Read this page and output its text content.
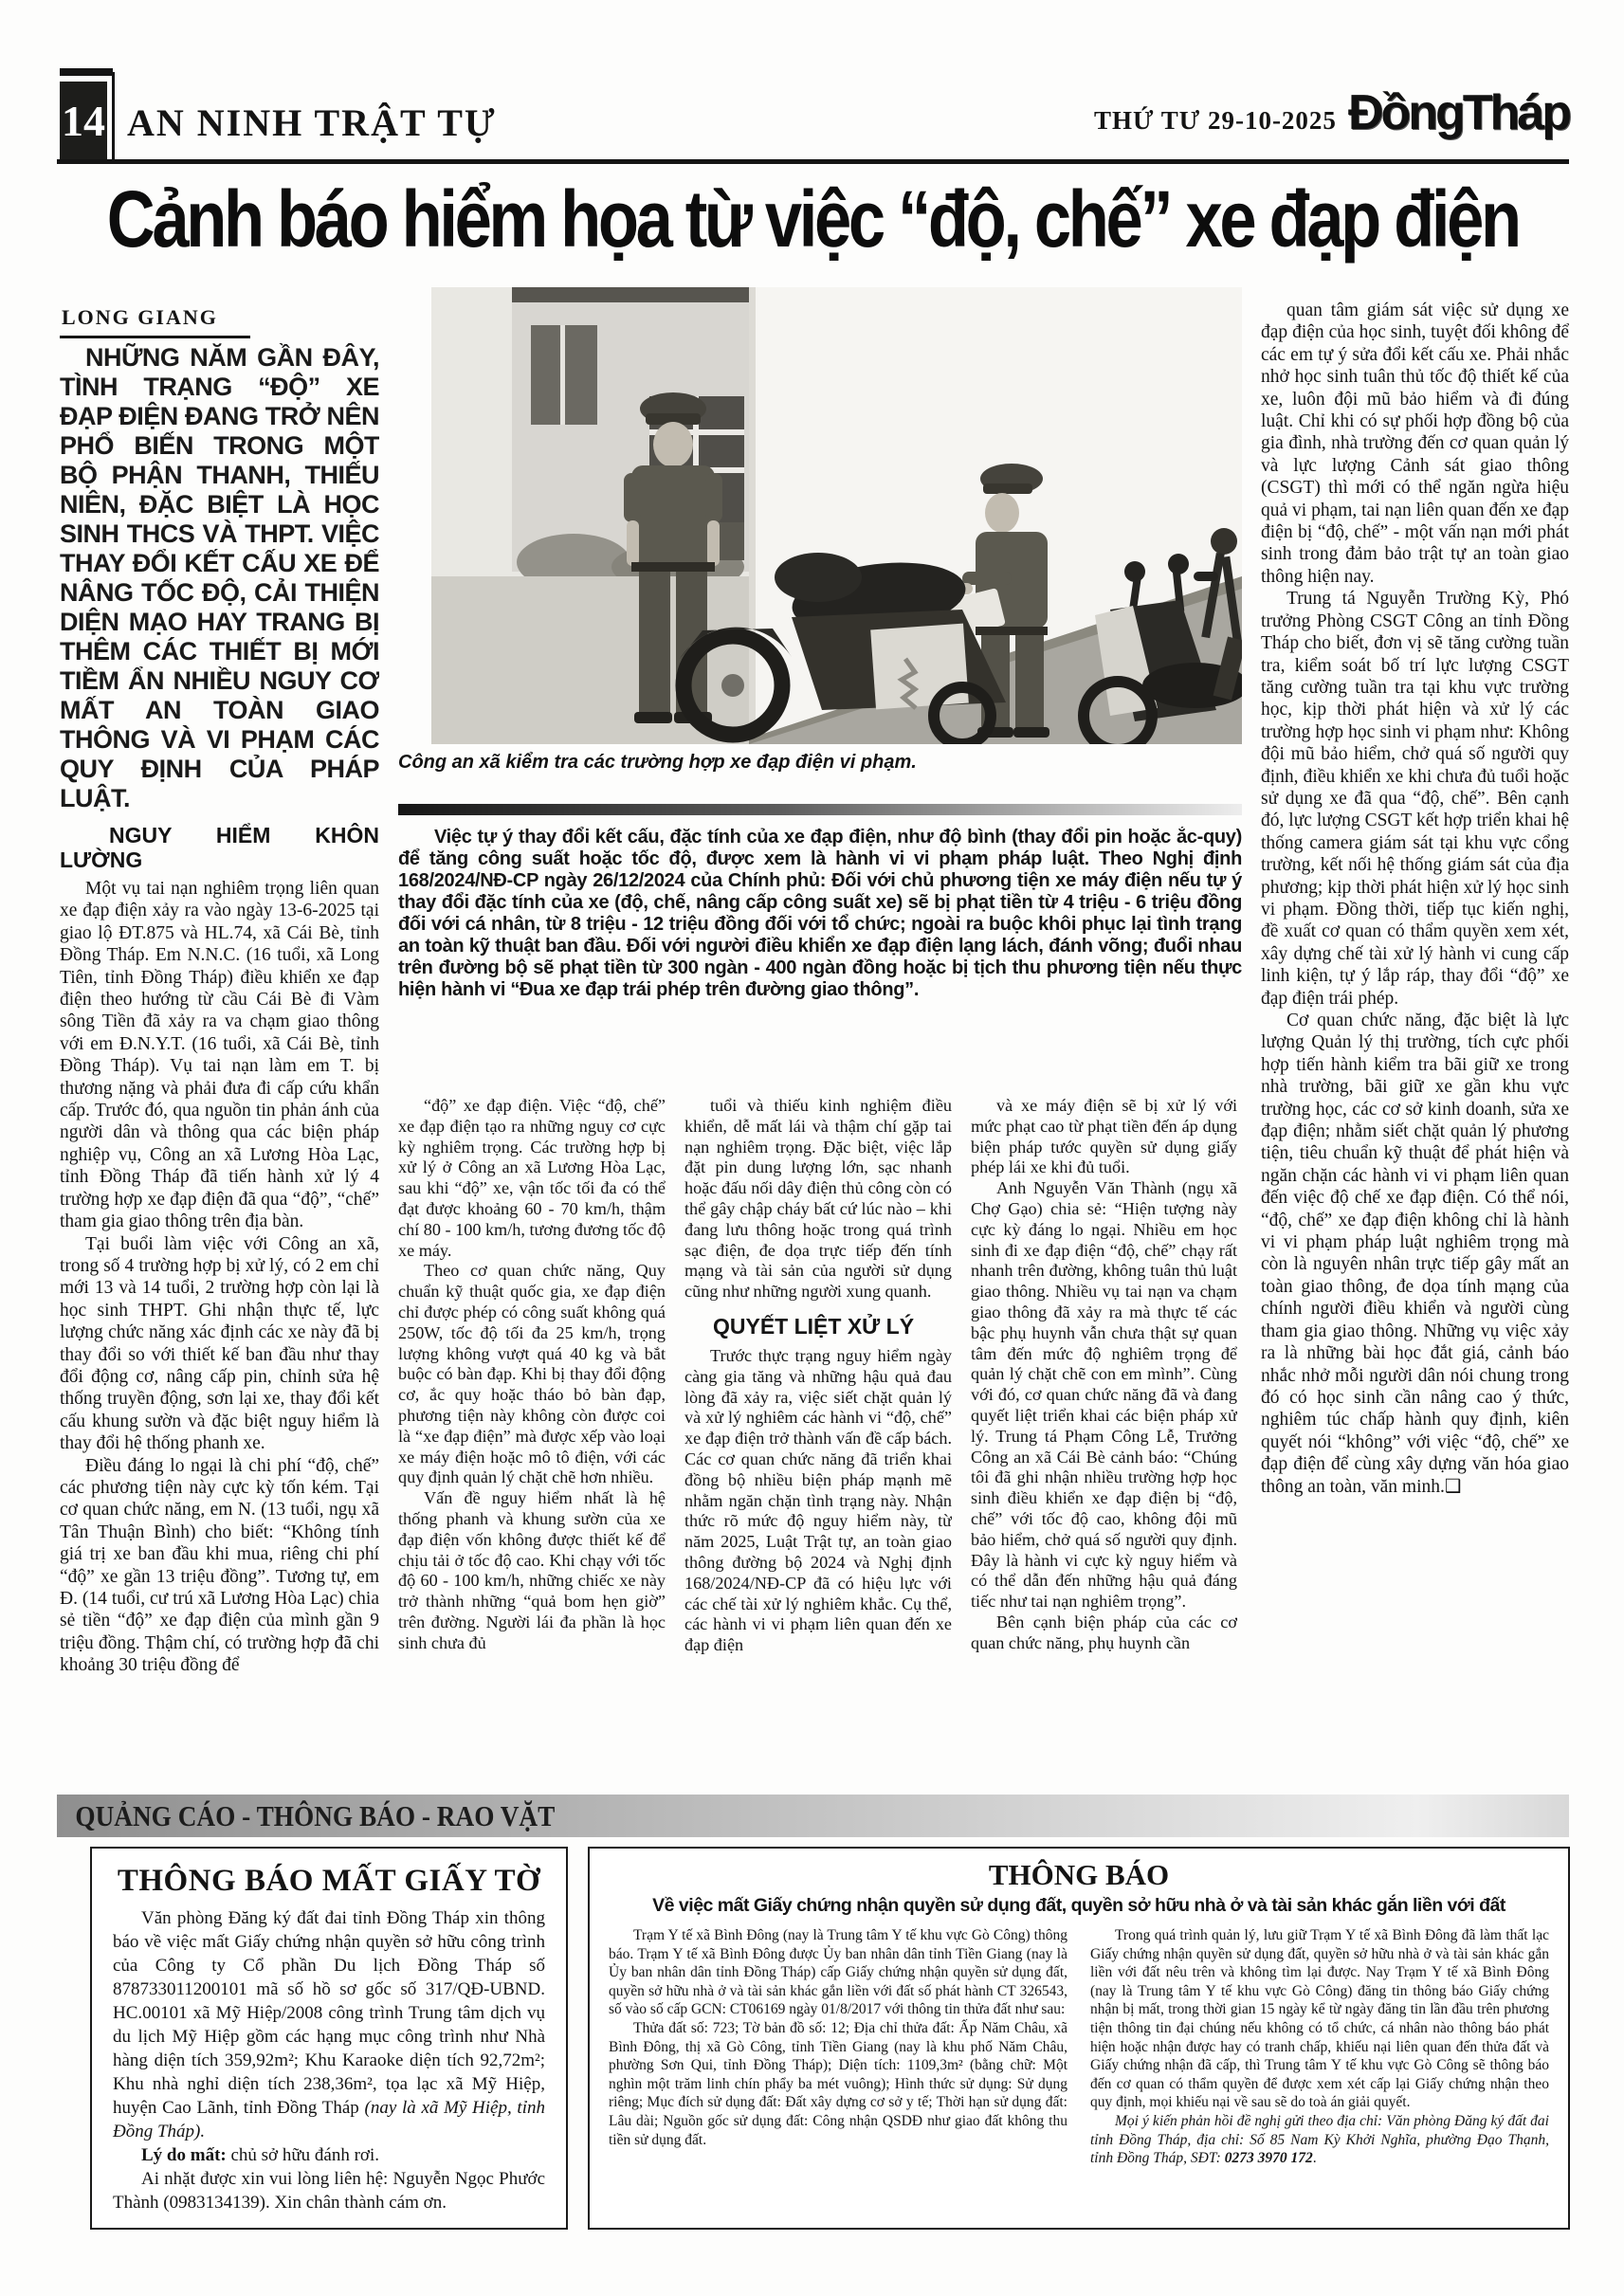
14 AN NINH TRẬT TỰ	THỨ TƯ 29-10-2025 ĐồngTháp
Cảnh báo hiểm họa từ việc “độ, chế” xe đạp điện
LONG GIANG

NHỮNG NĂM GẦN ĐÂY, TÌNH TRẠNG “ĐỘ” XE ĐẠP ĐIỆN ĐANG TRỞ NÊN PHỔ BIẾN TRONG MỘT BỘ PHẬN THANH, THIẾU NIÊN, ĐẶC BIỆT LÀ HỌC SINH THCS VÀ THPT. VIỆC THAY ĐỔI KẾT CẤU XE ĐỂ NÂNG TỐC ĐỘ, CẢI THIỆN DIỆN MẠO HAY TRANG BỊ THÊM CÁC THIẾT BỊ MỚI TIỀM ẨN NHIỀU NGUY CƠ MẤT AN TOÀN GIAO THÔNG VÀ VI PHẠM CÁC QUY ĐỊNH CỦA PHÁP LUẬT.

NGUY HIỂM KHÔN LƯỜNG

Một vụ tai nạn nghiêm trọng liên quan xe đạp điện xảy ra vào ngày 13-6-2025 tại giao lộ ĐT.875 và HL.74, xã Cái Bè, tỉnh Đồng Tháp. Em N.N.C. (16 tuổi, xã Long Tiên, tỉnh Đồng Tháp) điều khiển xe đạp điện theo hướng từ cầu Cái Bè đi Vàm sông Tiền đã xảy ra va chạm giao thông với em Đ.N.Y.T. (16 tuổi, xã Cái Bè, tỉnh Đồng Tháp). Vụ tai nạn làm em T. bị thương nặng và phải đưa đi cấp cứu khẩn cấp. Trước đó, qua nguồn tin phản ánh của người dân và thông qua các biện pháp nghiệp vụ, Công an xã Lương Hòa Lạc, tỉnh Đồng Tháp đã tiến hành xử lý 4 trường hợp xe đạp điện đã qua “độ”, “chế” tham gia giao thông trên địa bàn.

Tại buổi làm việc với Công an xã, trong số 4 trường hợp bị xử lý, có 2 em chỉ mới 13 và 14 tuổi, 2 trường hợp còn lại là học sinh THPT. Ghi nhận thực tế, lực lượng chức năng xác định các xe này đã bị thay đổi so với thiết kế ban đầu như thay đổi động cơ, nâng cấp pin, chỉnh sửa hệ thống truyền động, sơn lại xe, thay đổi kết cấu khung sườn và đặc biệt nguy hiểm là thay đổi hệ thống phanh xe.

Điều đáng lo ngại là chi phí “độ, chế” các phương tiện này cực kỳ tốn kém. Tại cơ quan chức năng, em N. (13 tuổi, ngụ xã Tân Thuận Bình) cho biết: “Không tính giá trị xe ban đầu khi mua, riêng chi phí “độ” xe gần 13 triệu đồng”. Tương tự, em Đ. (14 tuổi, cư trú xã Lương Hòa Lạc) chia sẻ tiền “độ” xe đạp điện của mình gần 9 triệu đồng. Thậm chí, có trường hợp đã chi khoảng 30 triệu đồng để

Công an xã kiểm tra các trường hợp xe đạp điện vi phạm.

Việc tự ý thay đổi kết cấu, đặc tính của xe đạp điện, như độ bình (thay đổi pin hoặc ắc-quy) để tăng công suất hoặc tốc độ, được xem là hành vi vi phạm pháp luật. Theo Nghị định 168/2024/NĐ-CP ngày 26/12/2024 của Chính phủ: Đối với chủ phương tiện xe máy điện nếu tự ý thay đổi đặc tính của xe (độ, chế, nâng cấp công suất xe) sẽ bị phạt tiền từ 4 triệu - 6 triệu đồng đối với cá nhân, từ 8 triệu - 12 triệu đồng đối với tổ chức; ngoài ra buộc khôi phục lại tình trạng an toàn kỹ thuật ban đầu. Đối với người điều khiển xe đạp điện lạng lách, đánh võng; đuổi nhau trên đường bộ sẽ phạt tiền từ 300 ngàn - 400 ngàn đồng hoặc bị tịch thu phương tiện nếu thực hiện hành vi “Đua xe đạp trái phép trên đường giao thông”.

“độ” xe đạp điện. Việc “độ, chế” xe đạp điện tạo ra những nguy cơ cực kỳ nghiêm trọng. Các trường hợp bị xử lý ở Công an xã Lương Hòa Lạc, sau khi “độ” xe, vận tốc tối đa có thể đạt được khoảng 60 - 70 km/h, thậm chí 80 - 100 km/h, tương đương tốc độ xe máy.

Theo cơ quan chức năng, Quy chuẩn kỹ thuật quốc gia, xe đạp điện chỉ được phép có công suất không quá 250W, tốc độ tối đa 25 km/h, trọng lượng không vượt quá 40 kg và bắt buộc có bàn đạp. Khi bị thay đổi động cơ, ắc quy hoặc tháo bỏ bàn đạp, phương tiện này không còn được coi là “xe đạp điện” mà được xếp vào loại xe máy điện hoặc mô tô điện, với các quy định quản lý chặt chẽ hơn nhiều.

Vấn đề nguy hiểm nhất là hệ thống phanh và khung sườn của xe đạp điện vốn không được thiết kế để chịu tải ở tốc độ cao. Khi chạy với tốc độ 60 - 100 km/h, những chiếc xe này trở thành những “quả bom hẹn giờ” trên đường. Người lái đa phần là học sinh chưa đủ

tuổi và thiếu kinh nghiệm điều khiển, dễ mất lái và thậm chí gặp tai nạn nghiêm trọng. Đặc biệt, việc lắp đặt pin dung lượng lớn, sạc nhanh hoặc đấu nối dây điện thủ công còn có thể gây chập cháy bất cứ lúc nào – khi đang lưu thông hoặc trong quá trình sạc điện, đe dọa trực tiếp đến tính mạng và tài sản của người sử dụng cũng như những người xung quanh.

QUYẾT LIỆT XỬ LÝ

Trước thực trạng nguy hiểm ngày càng gia tăng và những hậu quả đau lòng đã xảy ra, việc siết chặt quản lý và xử lý nghiêm các hành vi “độ, chế” xe đạp điện trở thành vấn đề cấp bách. Các cơ quan chức năng đã triển khai đồng bộ nhiều biện pháp mạnh mẽ nhằm ngăn chặn tình trạng này. Nhận thức rõ mức độ nguy hiểm này, từ năm 2025, Luật Trật tự, an toàn giao thông đường bộ 2024 và Nghị định 168/2024/NĐ-CP đã có hiệu lực với các chế tài xử lý nghiêm khắc. Cụ thể, các hành vi vi phạm liên quan đến xe đạp điện

và xe máy điện sẽ bị xử lý với mức phạt cao từ phạt tiền đến áp dụng biện pháp tước quyền sử dụng giấy phép lái xe khi đủ tuổi.

Anh Nguyễn Văn Thành (ngụ xã Chợ Gạo) chia sẻ: “Hiện tượng này cực kỳ đáng lo ngại. Nhiều em học sinh đi xe đạp điện “độ, chế” chạy rất nhanh trên đường, không tuân thủ luật giao thông. Nhiều vụ tai nạn va chạm giao thông đã xảy ra mà thực tế các bậc phụ huynh vẫn chưa thật sự quan tâm đến mức độ nghiêm trọng để quản lý chặt chẽ con em mình”. Cùng với đó, cơ quan chức năng đã và đang quyết liệt triển khai các biện pháp xử lý. Trung tá Phạm Công Lễ, Trưởng Công an xã Cái Bè cảnh báo: “Chúng tôi đã ghi nhận nhiều trường hợp học sinh điều khiển xe đạp điện bị “độ, chế” với tốc độ cao, không đội mũ bảo hiểm, chở quá số người quy định. Đây là hành vi cực kỳ nguy hiểm và có thể dẫn đến những hậu quả đáng tiếc như tai nạn nghiêm trọng”.

Bên cạnh biện pháp của các cơ quan chức năng, phụ huynh cần

quan tâm giám sát việc sử dụng xe đạp điện của học sinh, tuyệt đối không để các em tự ý sửa đổi kết cấu xe. Phải nhắc nhở học sinh tuân thủ tốc độ thiết kế của xe, luôn đội mũ bảo hiểm và đi đúng luật. Chỉ khi có sự phối hợp đồng bộ của gia đình, nhà trường đến cơ quan quản lý và lực lượng Cảnh sát giao thông (CSGT) thì mới có thể ngăn ngừa hiệu quả vi phạm, tai nạn liên quan đến xe đạp điện bị “độ, chế” - một vấn nạn mới phát sinh trong đảm bảo trật tự an toàn giao thông hiện nay.

Trung tá Nguyễn Trường Kỳ, Phó trưởng Phòng CSGT Công an tỉnh Đồng Tháp cho biết, đơn vị sẽ tăng cường tuần tra, kiểm soát bố trí lực lượng CSGT tăng cường tuần tra tại khu vực trường học, kịp thời phát hiện và xử lý các trường hợp học sinh vi phạm như: Không đội mũ bảo hiểm, chở quá số người quy định, điều khiển xe khi chưa đủ tuổi hoặc sử dụng xe đã qua “độ, chế”. Bên cạnh đó, lực lượng CSGT kết hợp triển khai hệ thống camera giám sát tại khu vực cổng trường, kết nối hệ thống giám sát của địa phương; kịp thời phát hiện xử lý học sinh vi phạm. Đồng thời, tiếp tục kiến nghị, đề xuất cơ quan có thẩm quyền xem xét, xây dựng chế tài xử lý hành vi cung cấp linh kiện, tự ý lắp ráp, thay đổi “độ” xe đạp điện trái phép.

Cơ quan chức năng, đặc biệt là lực lượng Quản lý thị trường, tích cực phối hợp tiến hành kiểm tra bãi giữ xe trong nhà trường, bãi giữ xe gần khu vực trường học, các cơ sở kinh doanh, sửa xe đạp điện; nhằm siết chặt quản lý phương tiện, tiêu chuẩn kỹ thuật để phát hiện và ngăn chặn các hành vi vi phạm liên quan đến việc độ chế xe đạp điện. Có thể nói, “độ, chế” xe đạp điện không chỉ là hành vi vi phạm pháp luật nghiêm trọng mà còn là nguyên nhân trực tiếp gây mất an toàn giao thông, đe dọa tính mạng của chính người điều khiển và người cùng tham gia giao thông. Những vụ việc xảy ra là những bài học đắt giá, cảnh báo nhắc nhở mỗi người dân nói chung trong đó có học sinh cần nâng cao ý thức, nghiêm túc chấp hành quy định, kiên quyết nói “không” với việc “độ, chế” xe đạp điện để cùng xây dựng văn hóa giao thông an toàn, văn minh.❑

QUẢNG CÁO - THÔNG BÁO - RAO VẶT
THÔNG BÁO MẤT GIẤY TỜ

Văn phòng Đăng ký đất đai tỉnh Đồng Tháp xin thông báo về việc mất Giấy chứng nhận quyền sở hữu công trình của Công ty Cổ phần Du lịch Đồng Tháp số 878733011200101 mã số hồ sơ gốc số 317/QĐ-UBND. HC.00101 xã Mỹ Hiệp/2008 công trình Trung tâm dịch vụ du lịch Mỹ Hiệp gồm các hạng mục công trình như Nhà hàng diện tích 359,92m²; Khu Karaoke diện tích 92,72m²; Khu nhà nghỉ diện tích 238,36m², tọa lạc xã Mỹ Hiệp, huyện Cao Lãnh, tỉnh Đồng Tháp (nay là xã Mỹ Hiệp, tỉnh Đồng Tháp).

Lý do mất: chủ sở hữu đánh rơi.

Ai nhặt được xin vui lòng liên hệ: Nguyễn Ngọc Phước Thành (0983134139). Xin chân thành cám ơn.

THÔNG BÁO
Về việc mất Giấy chứng nhận quyền sử dụng đất, quyền sở hữu nhà ở và tài sản khác gắn liền với đất

Trạm Y tế xã Bình Đông (nay là Trung tâm Y tế khu vực Gò Công) thông báo. Trạm Y tế xã Bình Đông được Ủy ban nhân dân tỉnh Tiền Giang (nay là Ủy ban nhân dân tỉnh Đồng Tháp) cấp Giấy chứng nhận quyền sử dụng đất, quyền sở hữu nhà ở và tài sản khác gắn liền với đất số phát hành CT 326543, số vào số cấp GCN: CT06169 ngày 01/8/2017 với thông tin thửa đất như sau:

Thửa đất số: 723; Tờ bản đồ số: 12; Địa chỉ thửa đất: Ấp Năm Châu, xã Bình Đông, thị xã Gò Công, tỉnh Tiền Giang (nay là khu phố Năm Châu, phường Sơn Qui, tỉnh Đồng Tháp); Diện tích: 1109,3m² (bằng chữ: Một nghìn một trăm linh chín phẩy ba mét vuông); Hình thức sử dụng: Sử dụng riêng; Mục đích sử dụng đất: Đất xây dựng cơ sở y tế; Thời hạn sử dụng đất: Lâu dài; Nguồn gốc sử dụng đất: Công nhận QSDĐ như giao đất không thu tiền sử dụng đất.

Trong quá trình quản lý, lưu giữ Trạm Y tế xã Bình Đông đã làm thất lạc Giấy chứng nhận quyền sử dụng đất, quyền sở hữu nhà ở và tài sản khác gắn liền với đất nêu trên và không tìm lại được. Nay Trạm Y tế xã Bình Đông (nay là Trung tâm Y tế khu vực Gò Công) đăng tin thông báo Giấy chứng nhận bị mất, trong thời gian 15 ngày kể từ ngày đăng tin lần đầu trên phương tiện thông tin đại chúng nếu không có tổ chức, cá nhân nào thông báo phát hiện hoặc nhận được hay có tranh chấp, khiếu nại liên quan đến thửa đất và Giấy chứng nhận đã cấp, thì Trung tâm Y tế khu vực Gò Công sẽ thông báo đến cơ quan có thẩm quyền để được xem xét cấp lại Giấy chứng nhận theo quy định, mọi khiếu nại về sau sẽ do toà án giải quyết.

Mọi ý kiến phản hồi đề nghị gửi theo địa chỉ: Văn phòng Đăng ký đất đai tỉnh Đồng Tháp, địa chỉ: Số 85 Nam Kỳ Khởi Nghĩa, phường Đạo Thạnh, tỉnh Đồng Tháp, SĐT: 0273 3970 172.
